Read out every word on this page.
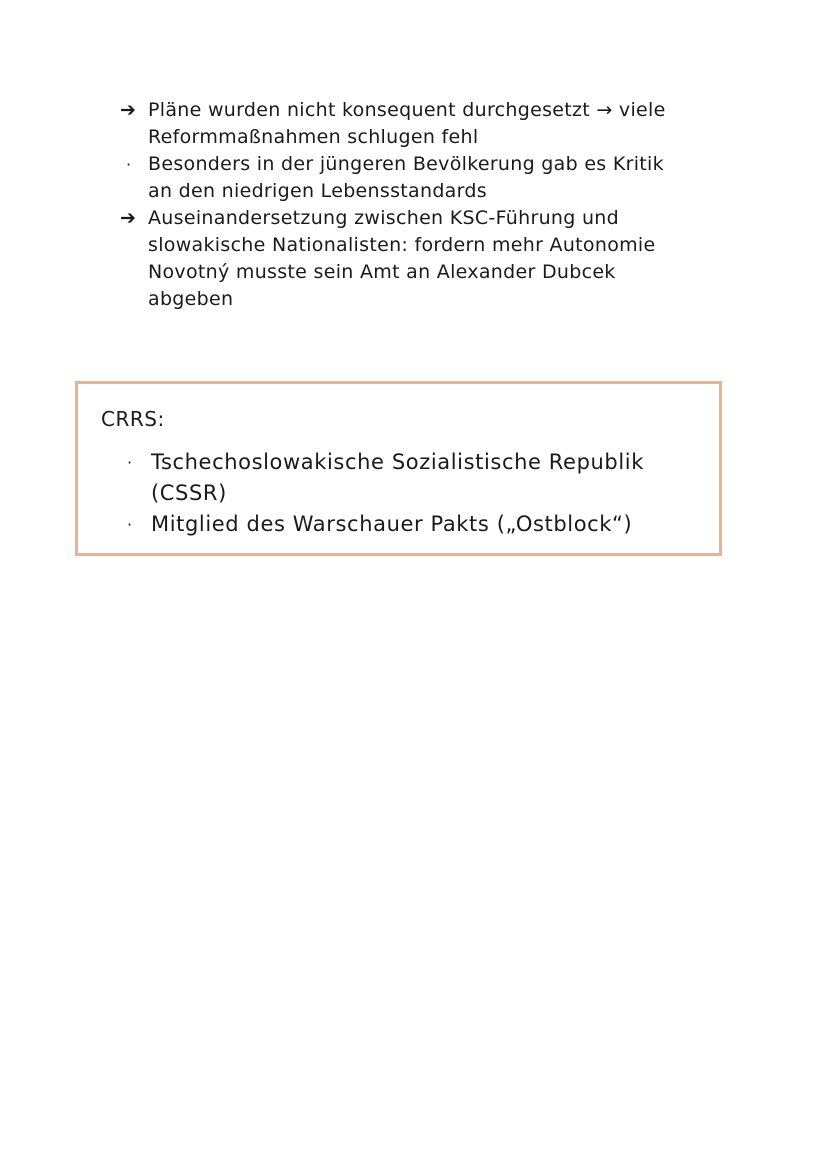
➔ Pläne wurden nicht konsequent durchgesetzt → viele
Reformmaßnahmen schlugen fehl
· Besonders in der jüngeren Bevölkerung gab es Kritik
an den niedrigen Lebensstandards
➔ Auseinandersetzung zwischen KSC-Führung und
slowakische Nationalisten: fordern mehr Autonomie
Novotný musste sein Amt an Alexander Dubcek
abgeben
CRRS:
· Tschechoslowakische Sozialistische Republik
(CSSR)
· Mitglied des Warschauer Pakts („Ostblock“)
